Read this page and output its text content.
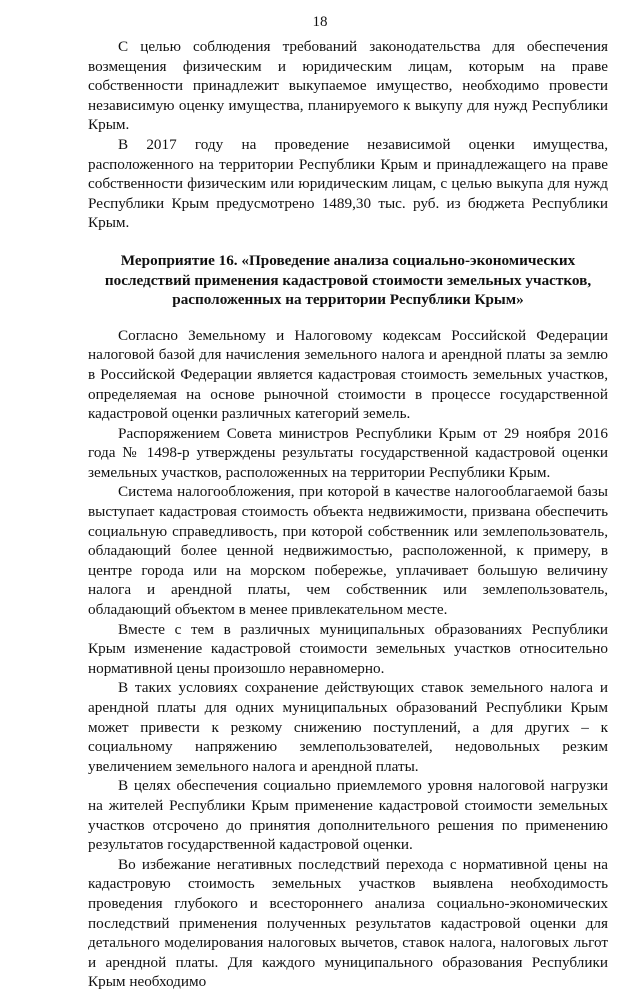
18

С целью соблюдения требований законодательства для обеспечения возмещения физическим и юридическим лицам, которым на праве собственности принадлежит выкупаемое имущество, необходимо провести независимую оценку имущества, планируемого к выкупу для нужд Республики Крым.

В 2017 году на проведение независимой оценки имущества, расположенного на территории Республики Крым и принадлежащего на праве собственности физическим или юридическим лицам, с целью выкупа для нужд Республики Крым предусмотрено 1489,30 тыс. руб. из бюджета Республики Крым.

Мероприятие 16. «Проведение анализа социально-экономических последствий применения кадастровой стоимости земельных участков, расположенных на территории Республики Крым»

Согласно Земельному и Налоговому кодексам Российской Федерации налоговой базой для начисления земельного налога и арендной платы за землю в Российской Федерации является кадастровая стоимость земельных участков, определяемая на основе рыночной стоимости в процессе государственной кадастровой оценки различных категорий земель.

Распоряжением Совета министров Республики Крым от 29 ноября 2016 года № 1498-р утверждены результаты государственной кадастровой оценки земельных участков, расположенных на территории Республики Крым.

Система налогообложения, при которой в качестве налогооблагаемой базы выступает кадастровая стоимость объекта недвижимости, призвана обеспечить социальную справедливость, при которой собственник или землепользователь, обладающий более ценной недвижимостью, расположенной, к примеру, в центре города или на морском побережье, уплачивает большую величину налога и арендной платы, чем собственник или землепользователь, обладающий объектом в менее привлекательном месте.

Вместе с тем в различных муниципальных образованиях Республики Крым изменение кадастровой стоимости земельных участков относительно нормативной цены произошло неравномерно.

В таких условиях сохранение действующих ставок земельного налога и арендной платы для одних муниципальных образований Республики Крым может привести к резкому снижению поступлений, а для других – к социальному напряжению землепользователей, недовольных резким увеличением земельного налога и арендной платы.

В целях обеспечения социально приемлемого уровня налоговой нагрузки на жителей Республики Крым применение кадастровой стоимости земельных участков отсрочено до принятия дополнительного решения по применению результатов государственной кадастровой оценки.

Во избежание негативных последствий перехода с нормативной цены на кадастровую стоимость земельных участков выявлена необходимость проведения глубокого и всестороннего анализа социально-экономических последствий применения полученных результатов кадастровой оценки для детального моделирования налоговых вычетов, ставок налога, налоговых льгот и арендной платы. Для каждого муниципального образования Республики Крым необходимо
